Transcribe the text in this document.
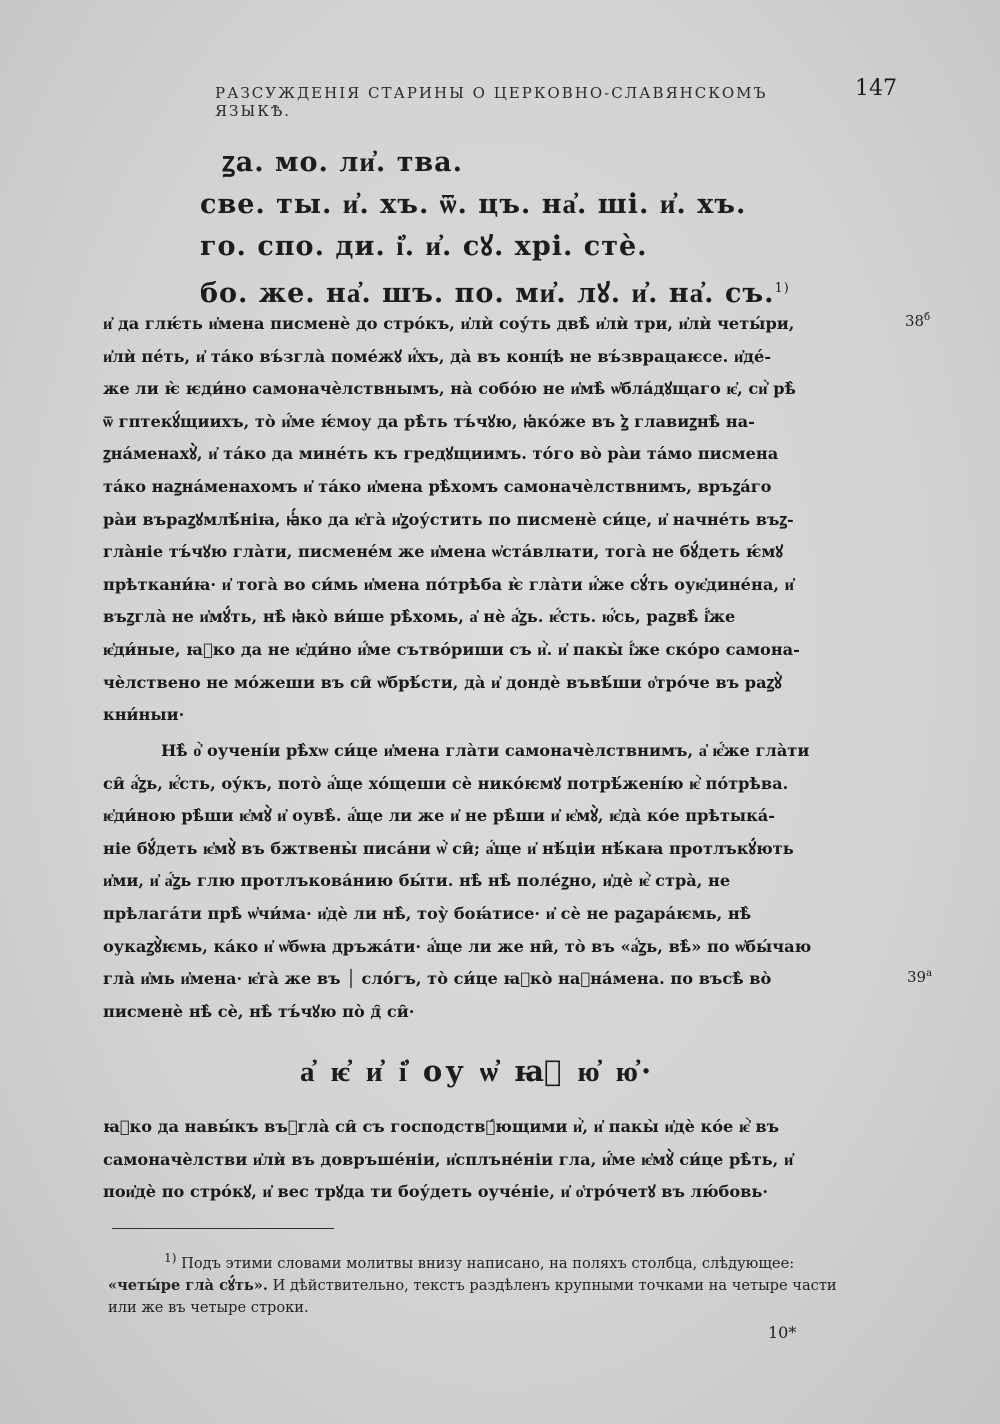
РАЗСУЖДЕНІЯ СТАРИНЫ О ЦЕРКОВНО-СЛАВЯНСКОМЪ ЯЗЫКѢ.
147
ꙁа. мо. ли҆. тва.
све. ты. и҆. хъ. ѿ. цъ. на҆. ші. и҆. хъ.
го. спо. ди. і҆. и҆. сꙋ. хрі. стѐ.
бо. же. на҆. шъ. по. ми҆. лꙋ. и҆. на҆. съ.$^{1)}$
и҆ да глѥ́ть и҆мена писменѐ до стро́къ, и҆лѝ соу́ть двѣ̀ и҆лѝ три, и҆лѝ четы́ри,
и҆лѝ пе́ть, и҆ та́ко въ́згла̀ поме́жꙋ и҆́хъ, да̀ въ конц́ѣ не въ́зврацаѥсе. и҆де́-
же ли ѥ̀ ѥди́но самоначѐлствнымъ, на̀ собо́ю не и҆мѣ̀ ѡ҆бла́дꙋщаго ѥ҆, си҆̀ рѣ̀
ѿ гптекꙋ́щиихъ, то̀ и҆́ме ѥ́моу да рѣ̀ть тъ́чꙋю, ꙗ҆ко́же въ ꙁ̀ главиꙁнѣ̀ на-
ꙁна́менахꙋ̀, и҆ та́ко да мине́ть къ гредꙋщиимъ. то́го во̀ ра̀и та́мо писмена
та́ко наꙁна́менахомъ и҆ та́ко и҆мена рѣ̀хомъ самоначѐлствнимъ, връꙁа́го
ра̀и въраꙁꙋмлѣ́ніꙗ, ꙗ҆́ко да ѥ҆га̀ и҆ꙁоу́стить по писменѐ си́це, и҆ начне́ть въꙁ-
гла̀ніе тъ́чꙋю гла̀ти, писмене́м же и҆мена ѡ҆ста́влꙗти, тога̀ не бꙋ́деть ѥ́мꙋ
прѣткани́ꙗ· и҆ тога̀ во си́мь и҆мена по́трѣба ѥ̀ гла̀ти и҆́же сꙋ́ть оуѥ҆дине́на, и҆
въꙁгла̀ не и҆мꙋ́ть, нѣ̀ ꙗ҆ко̀ ви́ше рѣ̀хомь, а҆ нѐ а҆́ꙁь. ѥ҆́сть. ю҆́сь, раꙁвѣ̀ і҆́же
ѥ҆ди́ные, ꙗ҆ко да не ѥ҆ди́но и҆́ме сътво́риши съ и҆̀. и҆ пакы̀ і҆́же ско́ро самона-
чѐлствено не мо́жеши въ си̑ ѡ҆брѣ́сти, да̀ и҆ дондѐ въвѣ́ши о҆тро́че въ раꙁꙋ̀
кни́ныи·
$38^б$
Нѣ̀ о҆̀ оучені́и рѣ̀хѡ си́це и҆мена гла̀ти самоначѐлствнимъ, а҆ ѥ҆́же гла̀ти
си̑ а҆́ꙁь, ѥ҆́сть, оу́къ, пото̀ а҆́ще хо́щеши сѐ нико́ѥмꙋ потрѣ́жені́ю ѥ҆̀ по́трѣва.
ѥ҆ди́ною рѣ̀ши ѥ҆мꙋ̀ и҆ оувѣ̀. а҆́ще ли же и҆ не рѣ̀ши и҆ ѥ҆мꙋ̀, ѥ҆да̀ ко́е прѣтыка́-
ніе бꙋ́деть ѥ҆мꙋ̀ въ бжтвены̀ писа́ни ѡ҆̀ си̑; а҆́ще и҆ нѣ́ціи нѣ́каꙗ протлъкꙋ́ють
и҆ми, и҆ а҆́ꙁь глю протлъкова́нию бы́ти. нѣ̀ нѣ̀ поле́ꙁно, и҆дѐ ѥ҆̀ стра̀, не
прѣлага́ти прѣ̀ ѡ҆чи́ма· и҆дѐ ли нѣ̀, тоу̀ боꙗ́тисе· и҆ сѐ не раꙁара́ѥмь, нѣ̀
оукаꙁꙋ̀ѥмь, ка́ко и҆ ѡ҆бѡꙗ дръжа́ти· а҆́ще ли же ни̑, то̀ въ «а҆́ꙁь, вѣ̀» по ѡ҆бы́чаю
гла̀ и҆мь и҆мена· ѥ҆га̀ же въ │ сло́гъ, то̀ си́це ꙗ҆ко̀ наꙁна́мена. по въсѣ̀ во̀
писменѐ нѣ̀ сѐ, нѣ̀ тъ́чꙋю по̀ д̑ си̑·
$39^а$
а҆ ѥ҆ и҆ і҆ оу ѡ҆ ꙗ҆ ю҆ ю҆·
ꙗ҆ко да навы́къ въꙁгла̀ си̑ съ господствꙋ́ющими и҆̀, и҆ пакы̀ и҆дѐ ко́е ѥ҆̀ въ
самоначѐлстви и҆лѝ въ довръше́ніи, и҆сплъне́ніи гла, и҆́ме ѥ҆мꙋ̀ си́це рѣ̀ть, и҆
пои҆дѐ по стро́кꙋ, и҆ вес трꙋда ти боу́деть оуче́ніе, и҆ о҆тро́четꙋ въ лю́бовь·
$^{1)}$ Подъ этими словами молитвы внизу написано, на поляхъ столбца, слѣдующее:
«четы́ре гла̀ сꙋ́ть». И дѣйствительно, текстъ раздѣленъ крупными точками на четыре части
или же въ четыре строки.
10*
